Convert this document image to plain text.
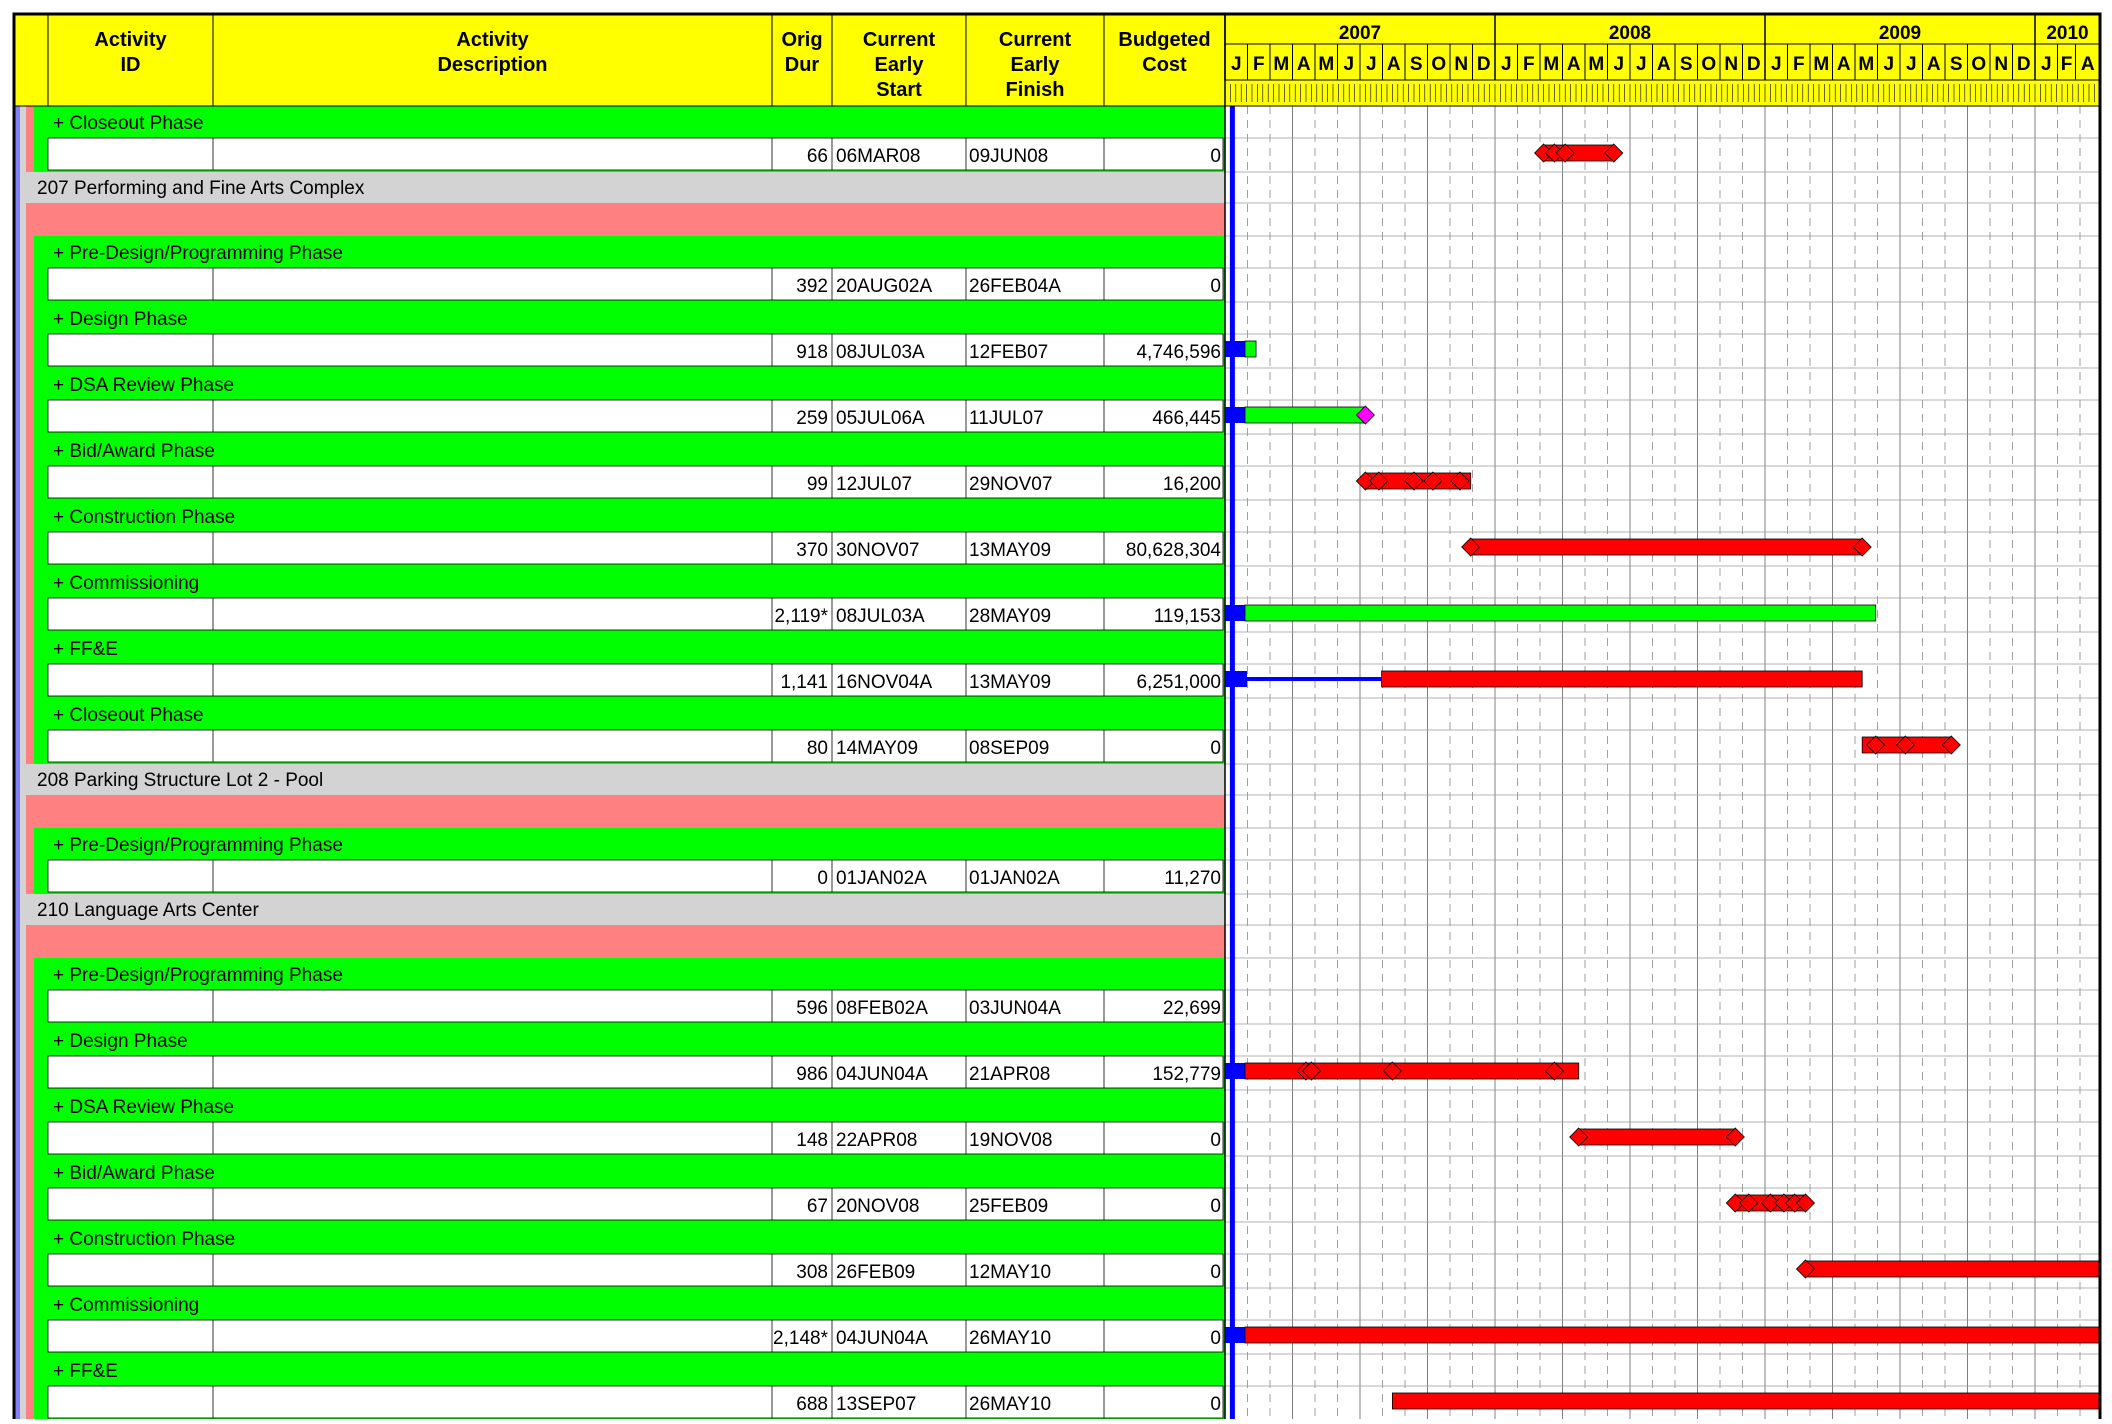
Activity
ID
Activity
Description
Orig
Dur
Current
Early
Start
Current
Early
Finish
Budgeted
Cost
2007	2008	2009	2010
J F M A M J J A S O N D J F M A M J J A S O N D J F M A M J J A S O N D J F A
+ Closeout Phase
66 06MAR08	09JUN08	0
207 Performing and Fine Arts Complex
+ Pre-Design/Programming Phase
392 20AUG02A 26FEB04A	0
+ Design Phase
918 08JUL03A 12FEB07	4,746,596
+ DSA Review Phase
259 05JUL06A 11JUL07	466,445
+ Bid/Award Phase
99 12JUL07	29NOV07	16,200
+ Construction Phase
370 30NOV07	13MAY09	80,628,304
+ Commissioning
2,119* 08JUL03A 28MAY09	119,153
+ FF&E
1,141 16NOV04A 13MAY09	6,251,000
+ Closeout Phase
80 14MAY09	08SEP09	0
208 Parking Structure Lot 2 - Pool
+ Pre-Design/Programming Phase
0 01JAN02A 01JAN02A	11,270
210 Language Arts Center
+ Pre-Design/Programming Phase
596 08FEB02A 03JUN04A	22,699
+ Design Phase
986 04JUN04A 21APR08	152,779
+ DSA Review Phase
148 22APR08	19NOV08	0
+ Bid/Award Phase
67 20NOV08	25FEB09	0
+ Construction Phase
308 26FEB09	12MAY10	0
+ Commissioning
2,148* 04JUN04A 26MAY10	0
+ FF&E
688 13SEP07	26MAY10	0
